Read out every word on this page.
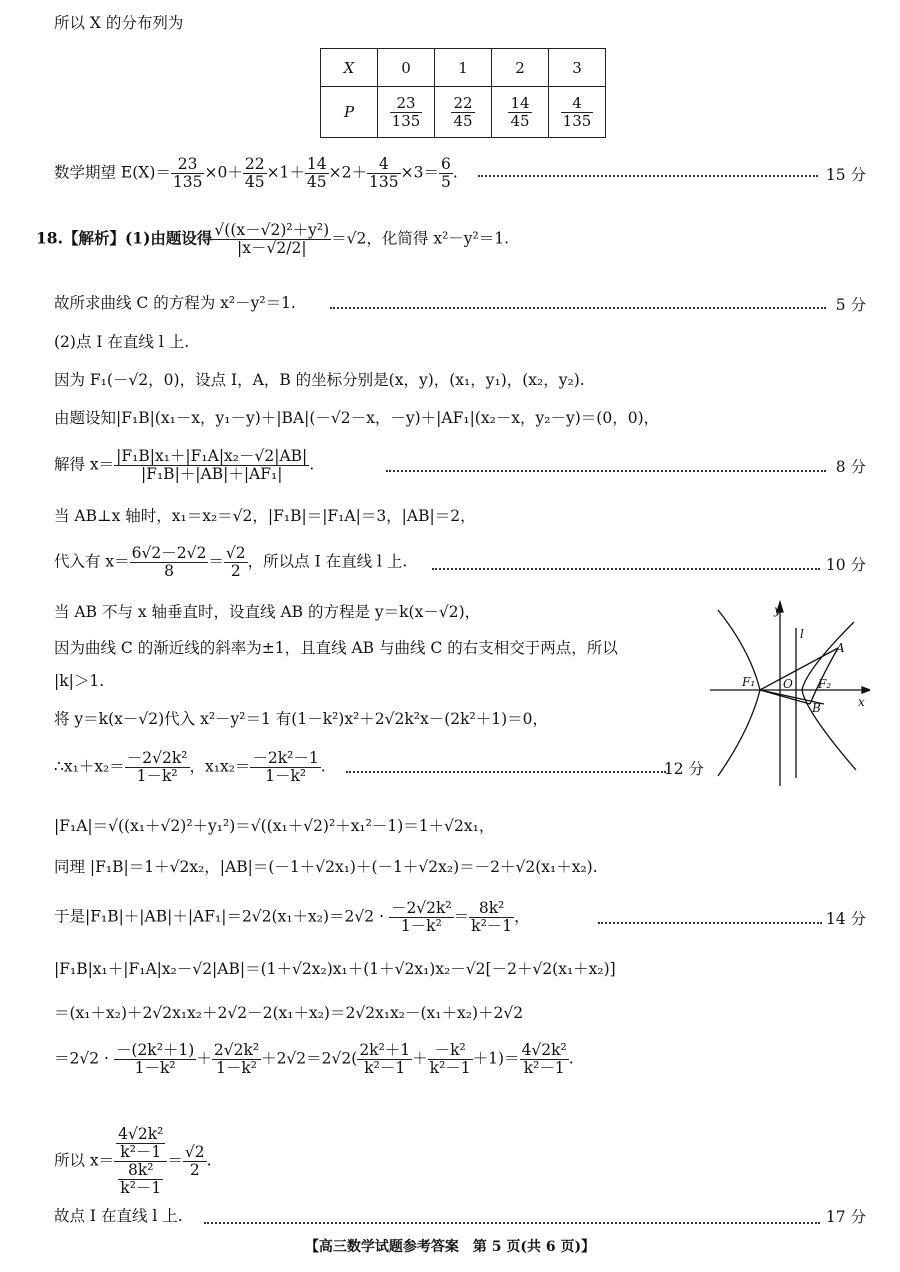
所以 X 的分布列为
X	0	1	2	3
P	$\frac{23}{135}$	$\frac{22}{45}$	$\frac{14}{45}$	$\frac{4}{135}$
数学期望 $E(X)= \frac{23}{135} \times 0+ \frac{22}{45} \times 1+ \frac{14}{45} \times 2+ \frac{4}{135} \times 3= \frac{6}{5}$ .	15 分
18.【解析】(1)由题设得 $\frac{\text{√((x－√2)²＋y²)}}{|x-√2/2|} =√2$，化简得 x²－y²＝1.
故所求曲线 C 的方程为 x²－y²＝1.	5 分
(2)点 I 在直线 l 上.
因为 F₁(－√2，0)，设点 I，A，B 的坐标分别是(x，y)，(x₁，y₁)，(x₂，y₂).
由题设知|F₁B|(x₁－x，y₁－y)＋|BA|(－√2－x，－y)＋|AF₁|(x₂－x，y₂－y)＝(0，0)，
解得 $x= \frac{\text{|F₁B|x₁＋|F₁A|x₂－√2|AB|}}{\text{|F₁B|＋|AB|＋|AF₁|}}$ .	8 分
当 AB⊥x 轴时，x₁＝x₂＝√2，|F₁B|＝|F₁A|＝3，|AB|＝2，
代入有 $x= \frac{6√2-2√2}{8} = \frac{√2}{2}$ ，所以点 I 在直线 l 上.	10 分
当 AB 不与 x 轴垂直时，设直线 AB 的方程是 y＝k(x－√2)，
因为曲线 C 的渐近线的斜率为±1，且直线 AB 与曲线 C 的右支相交于两点，所以
|k|＞1.
将 y＝k(x－√2)代入 x²－y²＝1 有(1－k²)x²＋2√2k²x－(2k²＋1)＝0，
∴x₁＋x₂＝ $\frac{\text{－2√2k²}}{\text{1－k²}}$ ，$x_1x_2= \frac{\text{－2k²－1}}{\text{1－k²}}$ .	12 分
|F₁A|＝√((x₁＋√2)²＋y₁²)＝√((x₁＋√2)²＋x₁²－1)＝1＋√2x₁，
同理 |F₁B|＝1＋√2x₂，|AB|＝(－1＋√2x₁)＋(－1＋√2x₂)＝－2＋√2(x₁＋x₂).
于是$|F_1B|+|AB|+|AF_1|=2√2(x_1+x_2)=2√2 \cdot \frac{\text{－2√2k²}}{\text{1－k²}} = \frac{\text{8k²}}{\text{k²－1}}$ ，	14 分
|F₁B|x₁＋|F₁A|x₂－√2|AB|＝(1＋√2x₂)x₁＋(1＋√2x₁)x₂－√2[－2＋√2(x₁＋x₂)]
＝(x₁＋x₂)＋2√2x₁x₂＋2√2－2(x₁＋x₂)＝2√2x₁x₂－(x₁＋x₂)＋2√2
$=2√2 \cdot \frac{\text{－(2k²＋1)}}{\text{1－k²}} + \frac{\text{2√2k²}}{\text{1－k²}} +2√2=2√2( \frac{\text{2k²＋1}}{\text{k²－1}} + \frac{\text{－k²}}{\text{k²－1}} +1)= \frac{\text{4√2k²}}{\text{k²－1}}$ .
所以 $x= \frac{\frac{\text{4√2k²}}{\text{k²－1}}}{\frac{\text{8k²}}{\text{k²－1}}} = \frac{√2}{2}$ .
故点 I 在直线 l 上.	17 分
y
x
l
O
F₁	F₂
A
B
【高三数学试题参考答案　第 5 页(共 6 页)】
